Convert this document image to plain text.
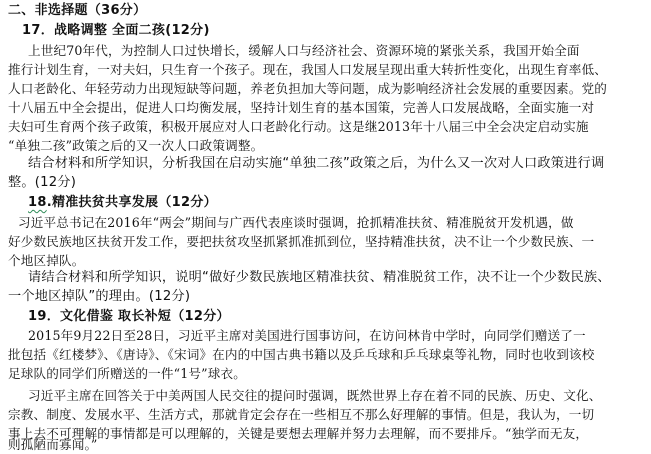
二、非选择题（36分）
17．战略调整 全面二孩(12分)
上世纪70年代，为控制人口过快增长，缓解人口与经济社会、资源环境的紧张关系，我国开始全面
推行计划生育，一对夫妇，只生育一个孩子。现在，我国人口发展呈现出重大转折性变化，出现生育率低、
人口老龄化、年轻劳动力出现短缺等问题，养老负担加大等问题，成为影响经济社会发展的重要因素。党的
十八届五中全会提出，促进人口均衡发展，坚持计划生育的基本国策，完善人口发展战略，全面实施一对
夫妇可生育两个孩子政策，积极开展应对人口老龄化行动。这是继2013年十八届三中全会决定启动实施
“单独二孩”政策之后的又一次人口政策调整。
结合材料和所学知识，分析我国在启动实施“单独二孩”政策之后，为什么又一次对人口政策进行调
整。(12分)
18.精准扶贫共享发展（12分）
习近平总书记在2016年“两会”期间与广西代表座谈时强调，抢抓精准扶贫、精准脱贫开发机遇，做
好少数民族地区扶贫开发工作，要把扶贫攻坚抓紧抓准抓到位，坚持精准扶贫，决不让一个少数民族、一
个地区掉队。
请结合材料和所学知识，说明“做好少数民族地区精准扶贫、精准脱贫工作，决不让一个少数民族、
一个地区掉队”的理由。(12分)
19．文化借鉴 取长补短（12分）
2015年9月22日至28日，习近平主席对美国进行国事访问，在访问林肯中学时，向同学们赠送了一
批包括《红楼梦》、《唐诗》、《宋词》在内的中国古典书籍以及乒乓球和乒乓球桌等礼物，同时也收到该校
足球队的同学们所赠送的一件“1号”球衣。
习近平主席在回答关于中美两国人民交往的提问时强调，既然世界上存在着不同的民族、历史、文化、
宗教、制度、发展水平、生活方式，那就肯定会存在一些相互不那么好理解的事情。但是，我认为，一切
事上去不可理解的事情都是可以理解的，关键是要想去理解并努力去理解，而不要排斥。“独学而无友，
则孤陋而寡闻。”
